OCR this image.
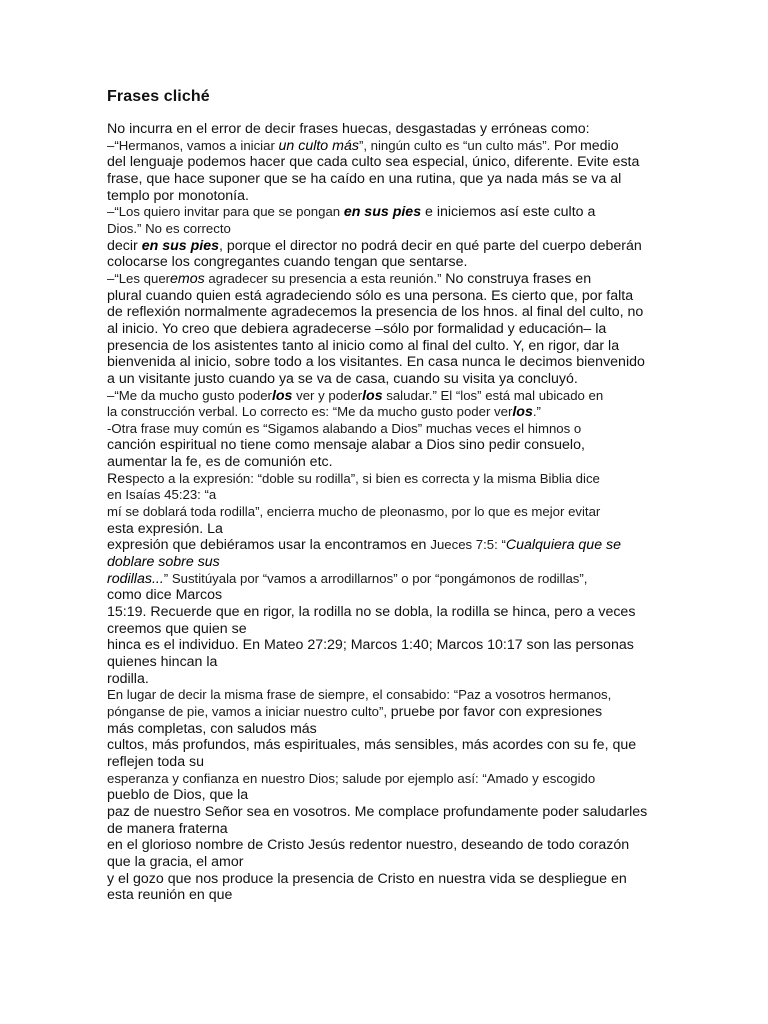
Frases cliché
No incurra en el error de decir frases huecas, desgastadas y erróneas como:
–“Hermanos, vamos a iniciar un culto más”, ningún culto es “un culto más”. Por medio
del lenguaje podemos hacer que cada culto sea especial, único, diferente. Evite esta
frase, que hace suponer que se ha caído en una rutina, que ya nada más se va al
templo por monotonía.
–“Los quiero invitar para que se pongan en sus pies e iniciemos así este culto a
Dios.” No es correcto
decir en sus pies, porque el director no podrá decir en qué parte del cuerpo deberán
colocarse los congregantes cuando tengan que sentarse.
–“Les queremos agradecer su presencia a esta reunión.” No construya frases en
plural cuando quien está agradeciendo sólo es una persona. Es cierto que, por falta
de reflexión normalmente agradecemos la presencia de los hnos. al final del culto, no
al inicio. Yo creo que debiera agradecerse –sólo por formalidad y educación– la
presencia de los asistentes tanto al inicio como al final del culto. Y, en rigor, dar la
bienvenida al inicio, sobre todo a los visitantes. En casa nunca le decimos bienvenido
a un visitante justo cuando ya se va de casa, cuando su visita ya concluyó.
–“Me da mucho gusto poderlos ver y poderlos saludar.” El “los” está mal ubicado en
la construcción verbal. Lo correcto es: “Me da mucho gusto poder verlos.”
-Otra frase muy común es “Sigamos alabando a Dios” muchas veces el himnos o
canción espiritual no tiene como mensaje alabar a Dios sino pedir consuelo,
aumentar la fe, es de comunión etc.
Respecto a la expresión: “doble su rodilla”, si bien es correcta y la misma Biblia dice
en Isaías 45:23: “a
mí se doblará toda rodilla”, encierra mucho de pleonasmo, por lo que es mejor evitar
esta expresión. La
expresión que debiéramos usar la encontramos en Jueces 7:5: “Cualquiera que se
doblare sobre sus
rodillas...” Sustitúyala por “vamos a arrodillarnos” o por “pongámonos de rodillas”,
como dice Marcos
15:19. Recuerde que en rigor, la rodilla no se dobla, la rodilla se hinca, pero a veces
creemos que quien se
hinca es el individuo. En Mateo 27:29; Marcos 1:40; Marcos 10:17 son las personas
quienes hincan la
rodilla.
En lugar de decir la misma frase de siempre, el consabido: “Paz a vosotros hermanos,
pónganse de pie, vamos a iniciar nuestro culto”, pruebe por favor con expresiones
más completas, con saludos más
cultos, más profundos, más espirituales, más sensibles, más acordes con su fe, que
reflejen toda su
esperanza y confianza en nuestro Dios; salude por ejemplo así: “Amado y escogido
pueblo de Dios, que la
paz de nuestro Señor sea en vosotros. Me complace profundamente poder saludarles
de manera fraterna
en el glorioso nombre de Cristo Jesús redentor nuestro, deseando de todo corazón
que la gracia, el amor
y el gozo que nos produce la presencia de Cristo en nuestra vida se despliegue en
esta reunión en que
